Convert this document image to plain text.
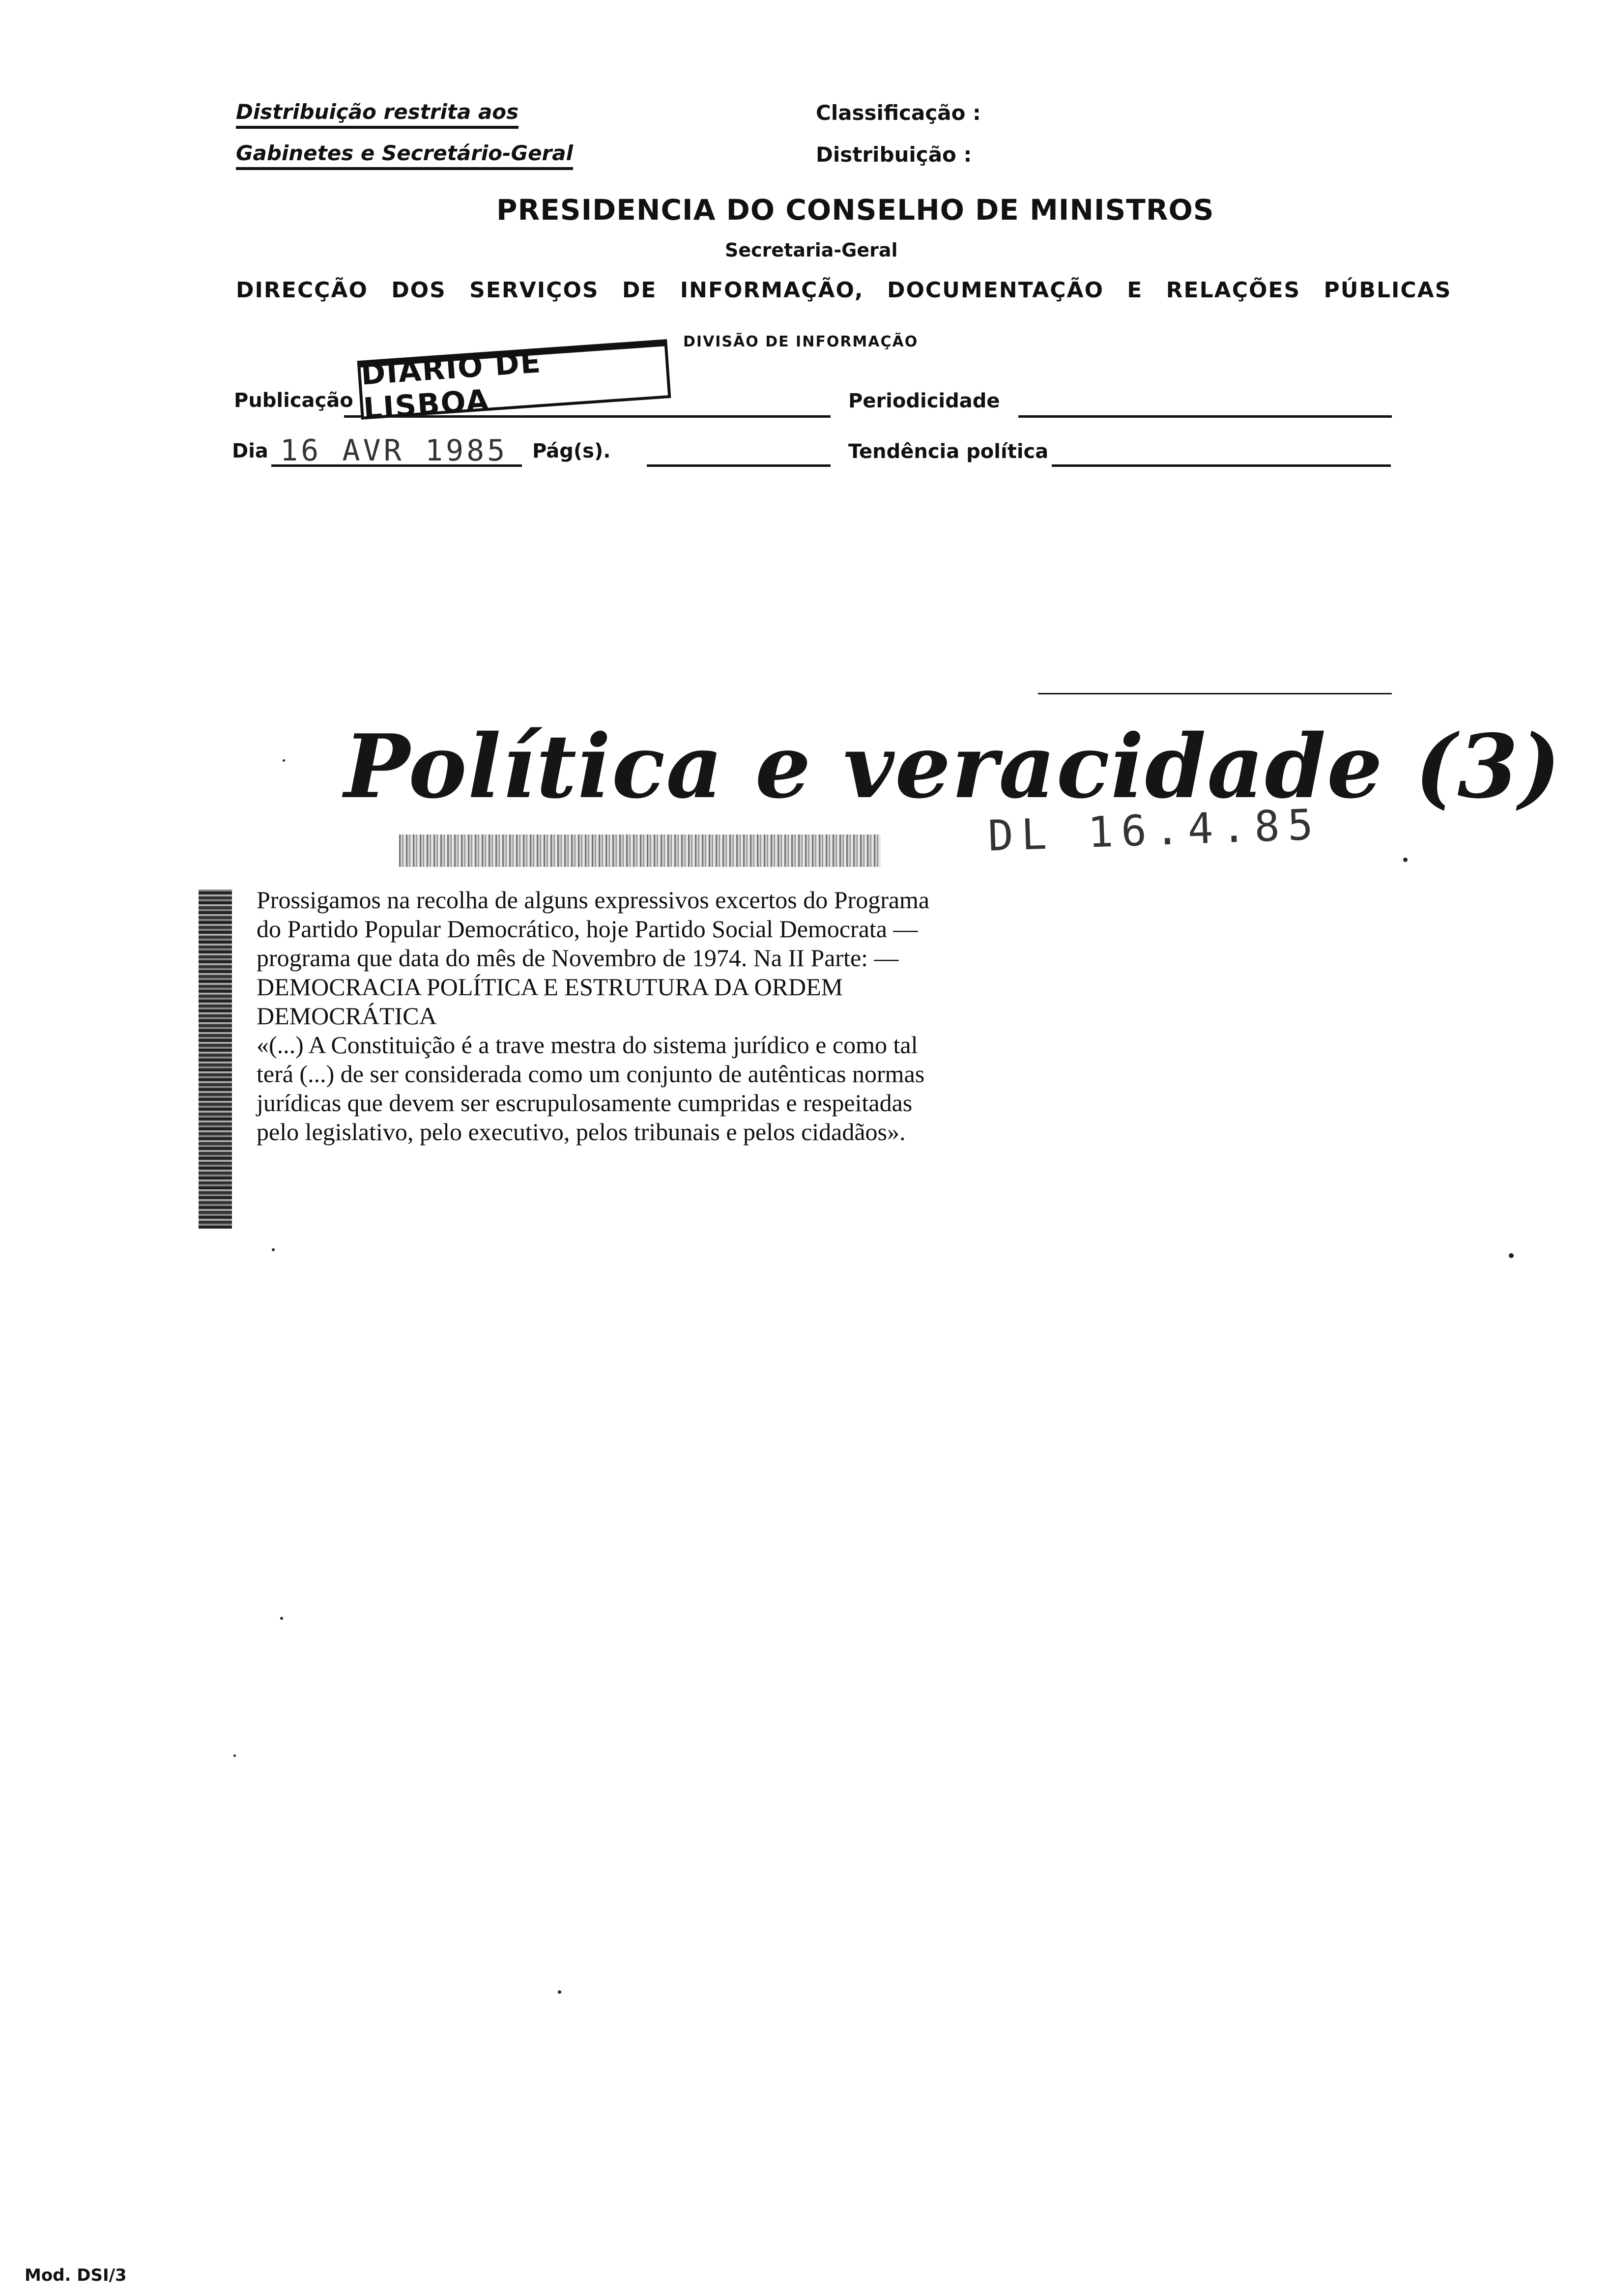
Distribuição restrita aos
Gabinetes e Secretário-Geral
Classificação :
Distribuição :
PRESIDENCIA DO CONSELHO DE MINISTROS
Secretaria-Geral
DIRECÇÃO DOS SERVIÇOS DE INFORMAÇÃO, DOCUMENTAÇÃO E RELAÇÕES PÚBLICAS
DIVISÃO DE INFORMAÇÃO
Publicação
DIARIO DE LISBOA	Periodicidade
Dia 16 AVR 1985 Pág(s).	Tendência política
Política e veracidade (3)
DL 16.4.85

Prossigamos na recolha de alguns expressivos excertos do Programa do Partido Popular Democrático, hoje Partido Social Democrata — programa que data do mês de Novembro de 1974. Na II Parte: — DEMOCRACIA POLÍTICA E ESTRUTURA DA ORDEM DEMOCRÁTICA

«(...) A Constituição é a trave mestra do sistema jurídico e como tal terá (...) de ser considerada como um conjunto de autênticas normas jurídicas que devem ser escrupulosamente cumpridas e respeitadas pelo legislativo, pelo executivo, pelos tribunais e pelos cidadãos».

Mod. DSI/3
